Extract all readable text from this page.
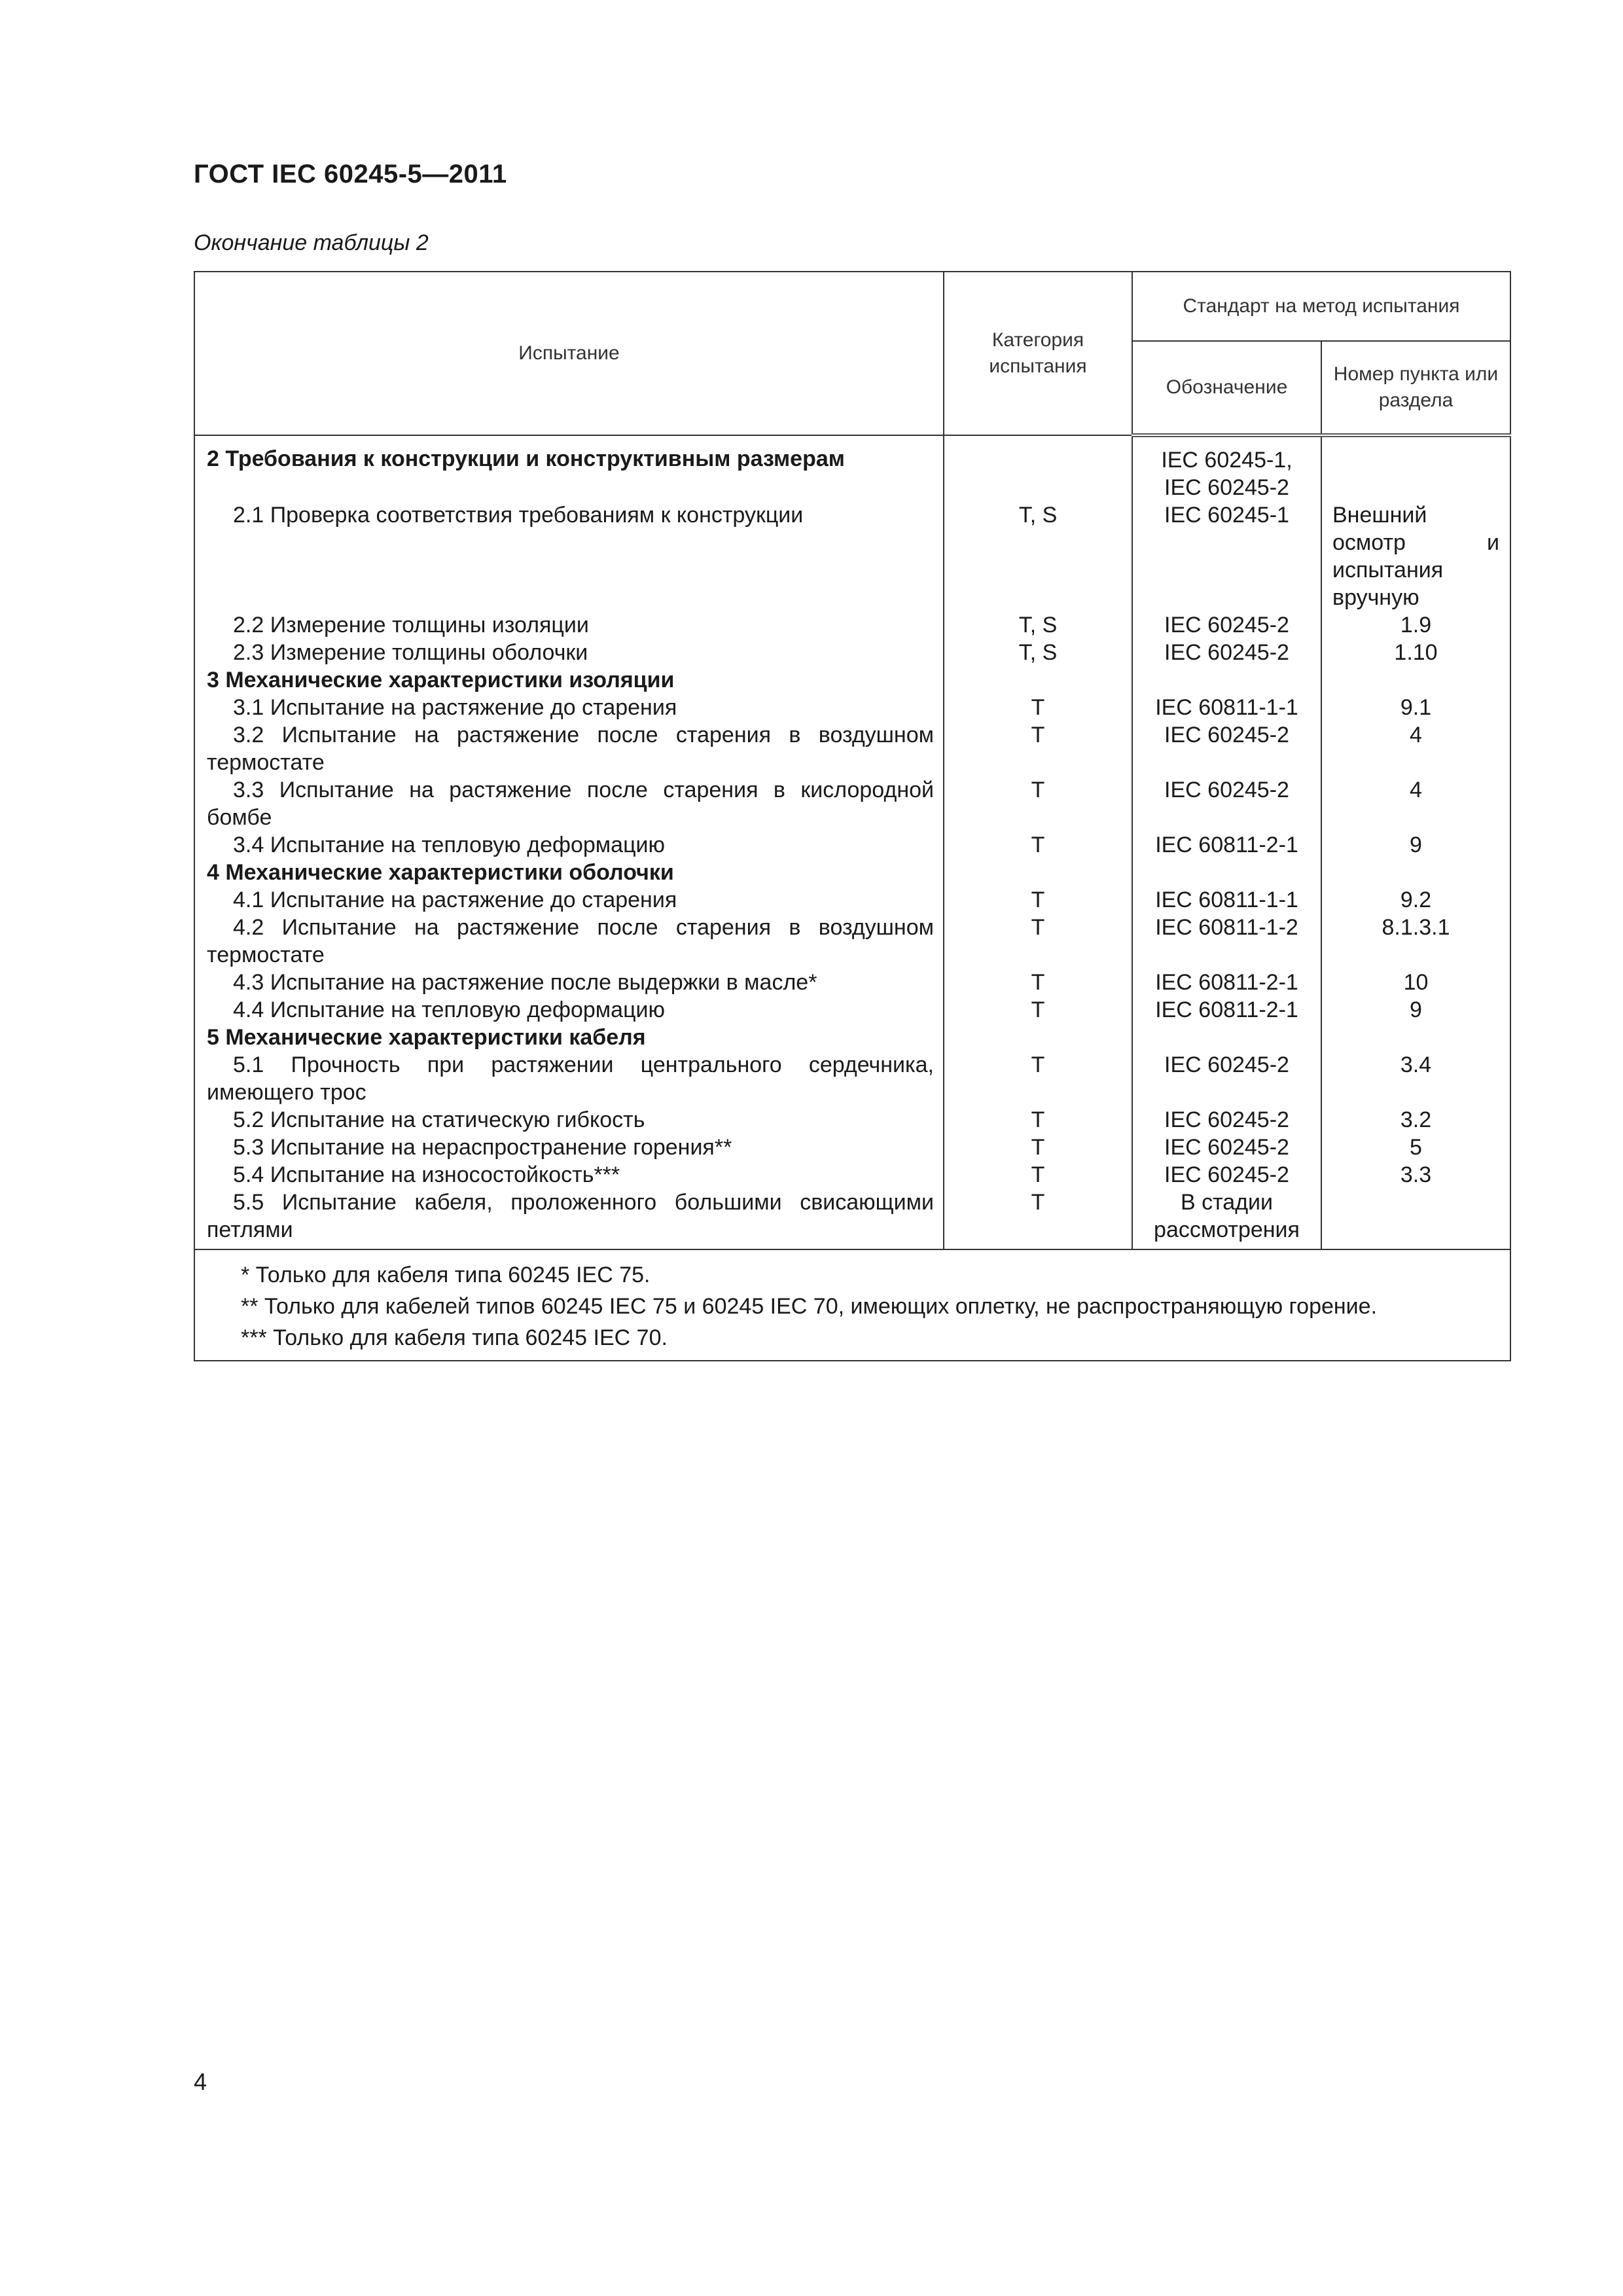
ГОСТ IEC 60245-5—2011
Окончание таблицы 2
Испытание	Категория испытания	Стандарт на метод испытания	
		Обозначение	Номер пункта или раздела
2 Требования к конструкции и конструктивным размерам		IEC 60245-1,	
		IEC 60245-2	

2.1 Проверка соответствия требованиям к конструкции	T, S	IEC 60245-1	Внешний осмотр и испытания вручную

2.2 Измерение толщины изоляции	T, S	IEC 60245-2	1.9

2.3 Измерение толщины оболочки	T, S	IEC 60245-2	1.10
3 Механические характеристики изоляции			

3.1 Испытание на растяжение до старения	T	IEC 60811-1-1	9.1

3.2 Испытание на растяжение после старения в воздушном термостате	T	IEC 60245-2	4

3.3 Испытание на растяжение после старения в кислородной бомбе	T	IEC 60245-2	4

3.4 Испытание на тепловую деформацию	T	IEC 60811-2-1	9
4 Механические характеристики оболочки			

4.1 Испытание на растяжение до старения	T	IEC 60811-1-1	9.2

4.2 Испытание на растяжение после старения в воздушном термостате	T	IEC 60811-1-2	8.1.3.1

4.3 Испытание на растяжение после выдержки в масле*	T	IEC 60811-2-1	10

4.4 Испытание на тепловую деформацию	T	IEC 60811-2-1	9
5 Механические характеристики кабеля			

5.1 Прочность при растяжении центрального сердечника, имеющего трос	T	IEC 60245-2	3.4

5.2 Испытание на статическую гибкость	T	IEC 60245-2	3.2

5.3 Испытание на нераспространение горения**	T	IEC 60245-2	5

5.4 Испытание на износостойкость***	T	IEC 60245-2	3.3

5.5 Испытание кабеля, проложенного большими свисающими петлями	T	В стадии рассмотрения	

* Только для кабеля типа 60245 IEC 75.
** Только для кабелей типов 60245 IEC 75 и 60245 IEC 70, имеющих оплетку, не распространяющую горение.
*** Только для кабеля типа 60245 IEC 70.			
4
